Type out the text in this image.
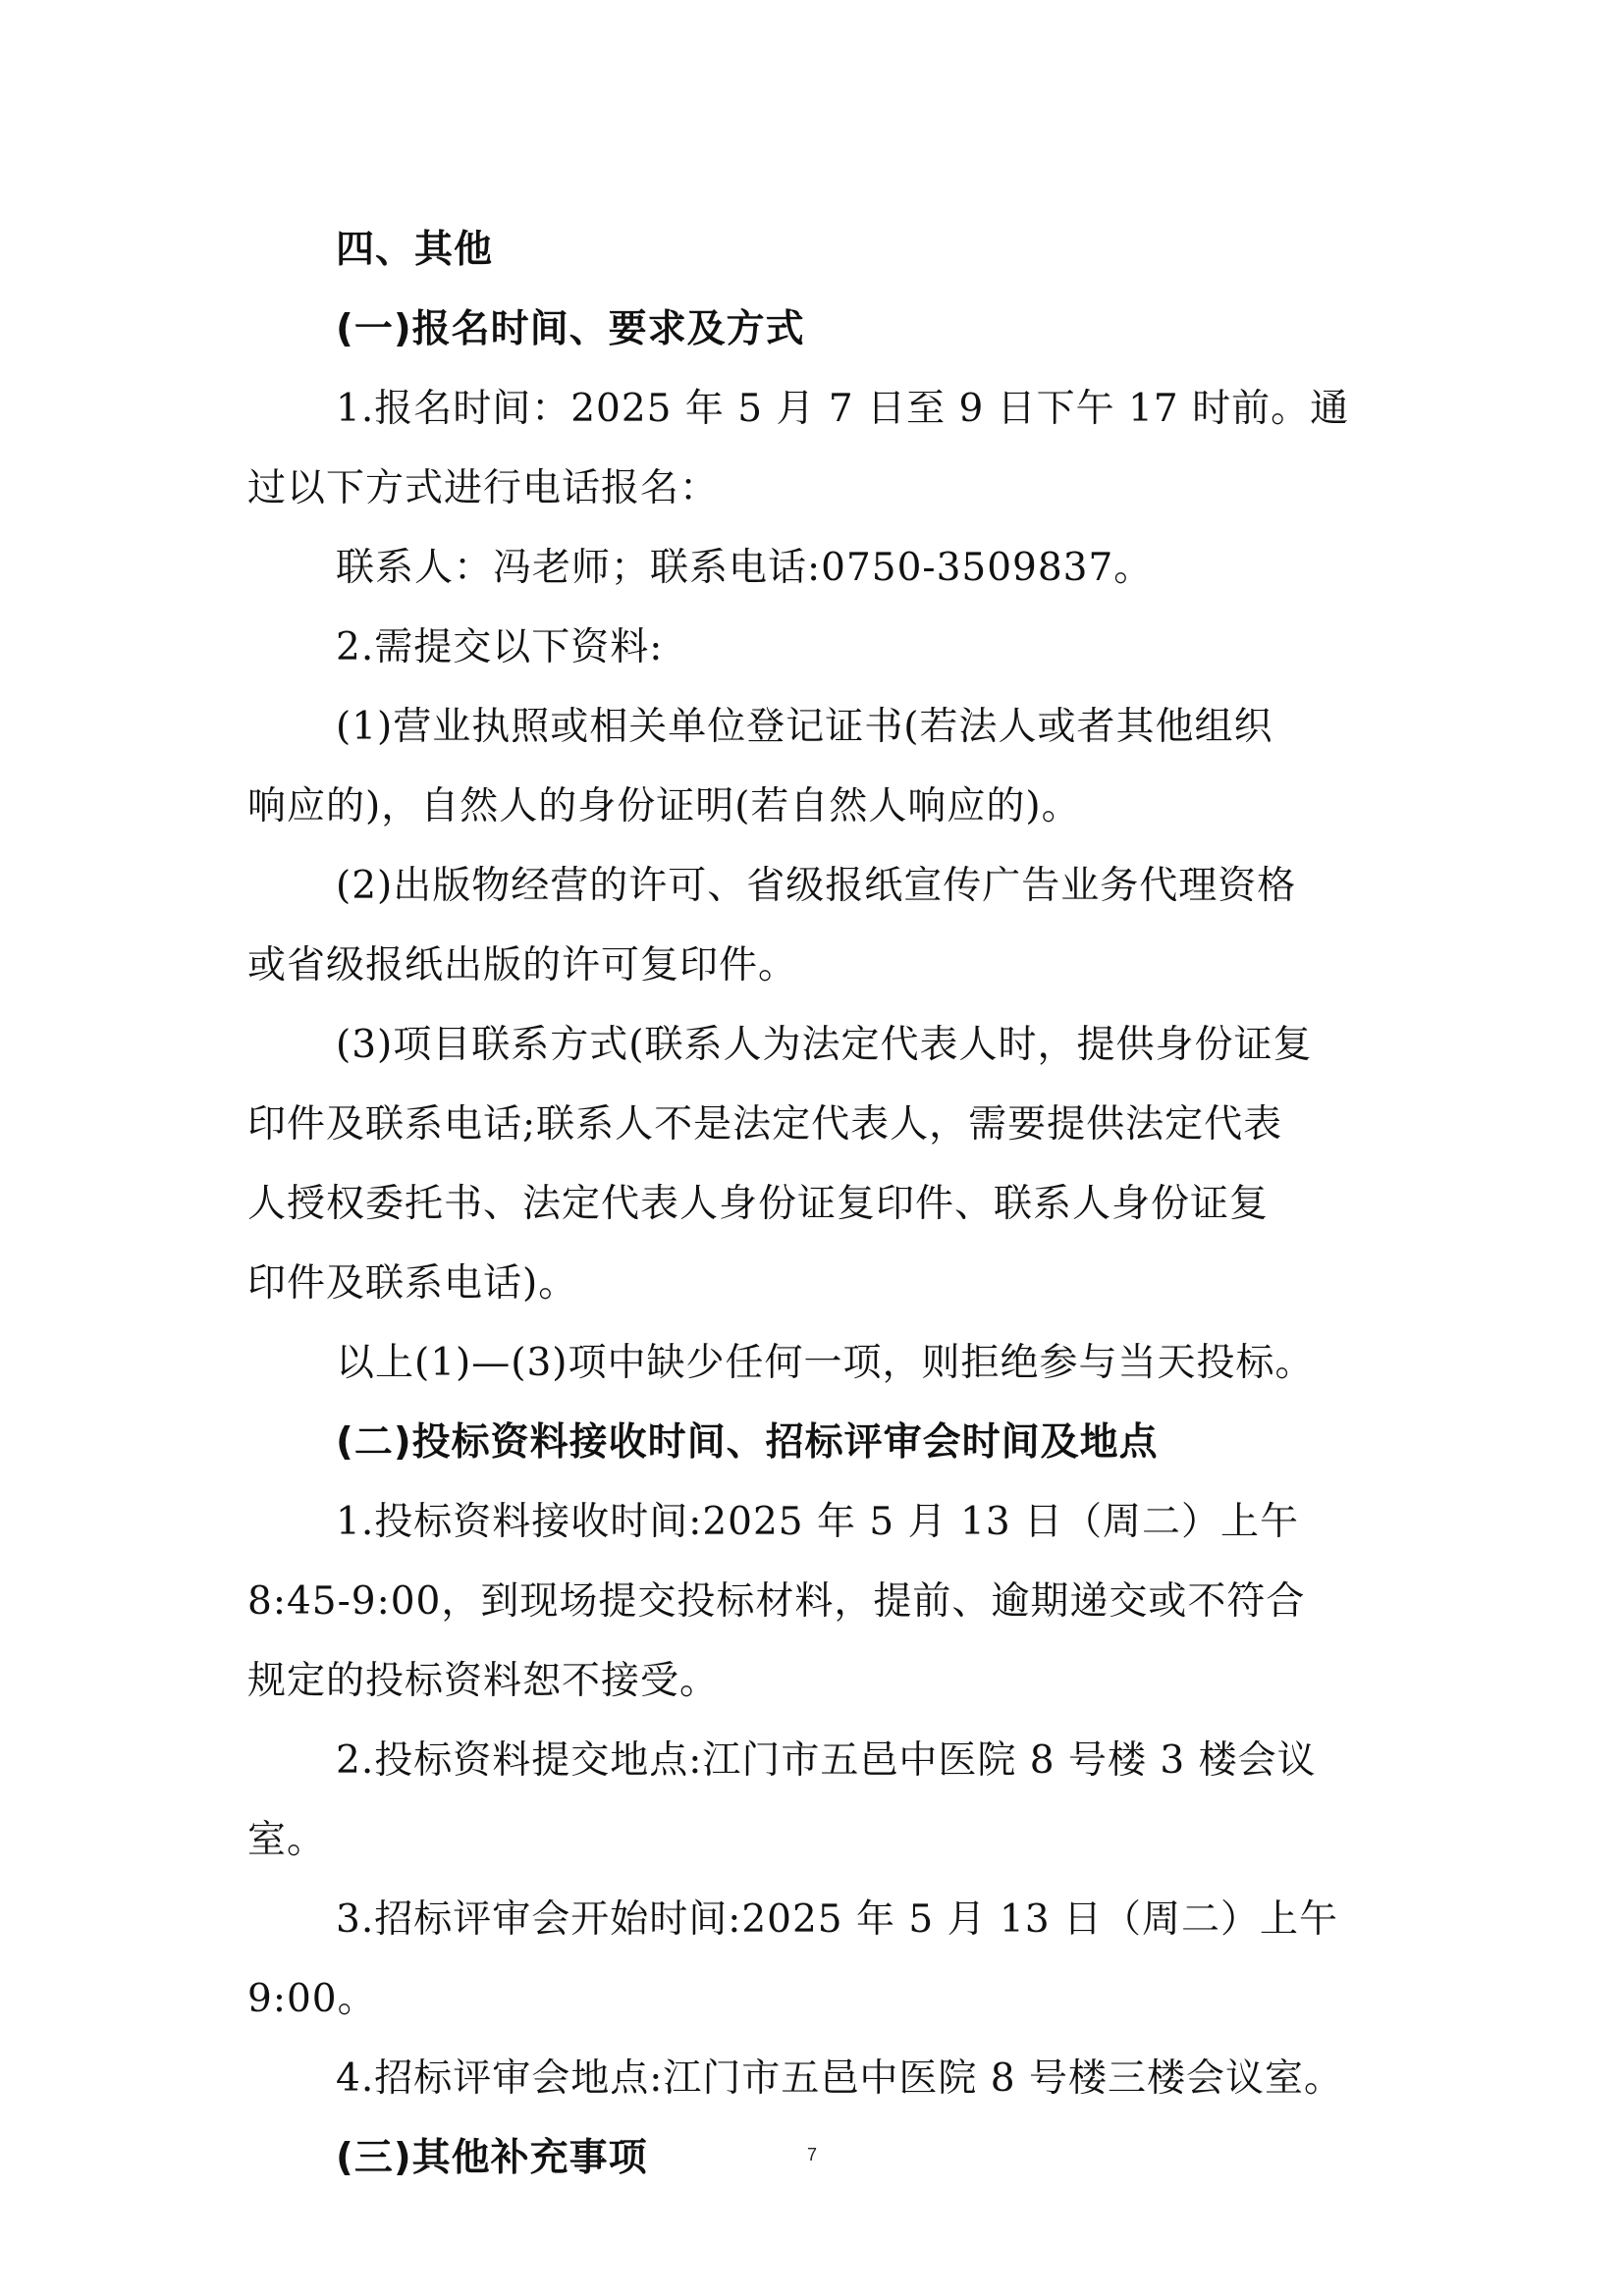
四、其他
(一)报名时间、要求及方式
1.报名时间：2025 年 5 月 7 日至 9 日下午 17 时前。通
过以下方式进行电话报名：
联系人：冯老师；联系电话:0750-3509837。
2.需提交以下资料:
(1)营业执照或相关单位登记证书(若法人或者其他组织
响应的)，自然人的身份证明(若自然人响应的)。
(2)出版物经营的许可、省级报纸宣传广告业务代理资格
或省级报纸出版的许可复印件。
(3)项目联系方式(联系人为法定代表人时，提供身份证复
印件及联系电话;联系人不是法定代表人，需要提供法定代表
人授权委托书、法定代表人身份证复印件、联系人身份证复
印件及联系电话)。
以上(1)—(3)项中缺少任何一项，则拒绝参与当天投标。
(二)投标资料接收时间、招标评审会时间及地点
1.投标资料接收时间:2025 年 5 月 13 日（周二）上午
8:45-9:00，到现场提交投标材料，提前、逾期递交或不符合
规定的投标资料恕不接受。
2.投标资料提交地点:江门市五邑中医院 8 号楼 3 楼会议
室。
3.招标评审会开始时间:2025 年 5 月 13 日（周二）上午
9:00。
4.招标评审会地点:江门市五邑中医院 8 号楼三楼会议室。
(三)其他补充事项	7
